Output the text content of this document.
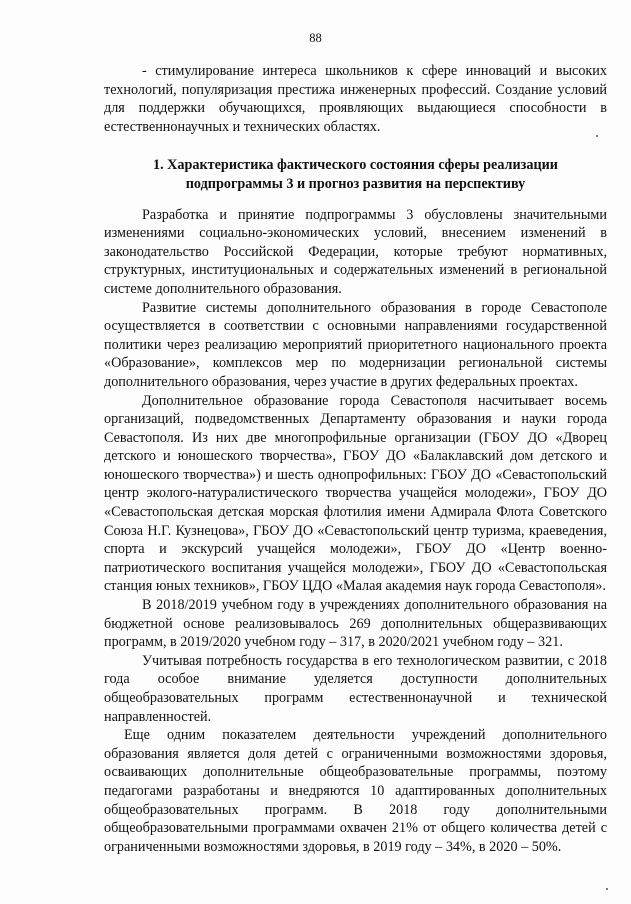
88

- стимулирование интереса школьников к сфере инноваций и высоких технологий, популяризация престижа инженерных профессий. Создание условий для поддержки обучающихся, проявляющих выдающиеся способности в естественнонаучных и технических областях.

1. Характеристика фактического состояния сферы реализации
подпрограммы 3 и прогноз развития на перспективу

Разработка и принятие подпрограммы 3 обусловлены значительными изменениями социально-экономических условий, внесением изменений в законодательство Российской Федерации, которые требуют нормативных, структурных, институциональных и содержательных изменений в региональной системе дополнительного образования.

Развитие системы дополнительного образования в городе Севастополе осуществляется в соответствии с основными направлениями государственной политики через реализацию мероприятий приоритетного национального проекта «Образование», комплексов мер по модернизации региональной системы дополнительного образования, через участие в других федеральных проектах.

Дополнительное образование города Севастополя насчитывает восемь организаций, подведомственных Департаменту образования и науки города Севастополя. Из них две многопрофильные организации (ГБОУ ДО «Дворец детского и юношеского творчества», ГБОУ ДО «Балаклавский дом детского и юношеского творчества») и шесть однопрофильных: ГБОУ ДО «Севастопольский центр эколого-натуралистического творчества учащейся молодежи», ГБОУ ДО «Севастопольская детская морская флотилия имени Адмирала Флота Советского Союза Н.Г. Кузнецова», ГБОУ ДО «Севастопольский центр туризма, краеведения, спорта и экскурсий учащейся молодежи», ГБОУ ДО «Центр военно-патриотического воспитания учащейся молодежи», ГБОУ ДО «Севастопольская станция юных техников», ГБОУ ЦДО «Малая академия наук города Севастополя».

В 2018/2019 учебном году в учреждениях дополнительного образования на бюджетной основе реализовывалось 269 дополнительных общеразвивающих программ, в 2019/2020 учебном году – 317, в 2020/2021 учебном году – 321.

Учитывая потребность государства в его технологическом развитии, с 2018 года особое внимание уделяется доступности дополнительных общеобразовательных программ естественнонаучной и технической направленностей.

Еще одним показателем деятельности учреждений дополнительного образования является доля детей с ограниченными возможностями здоровья, осваивающих дополнительные общеобразовательные программы, поэтому педагогами разработаны и внедряются 10 адаптированных дополнительных общеобразовательных программ. В 2018 году дополнительными общеобразовательными программами охвачен 21% от общего количества детей с ограниченными возможностями здоровья, в 2019 году – 34%, в 2020 – 50%.
